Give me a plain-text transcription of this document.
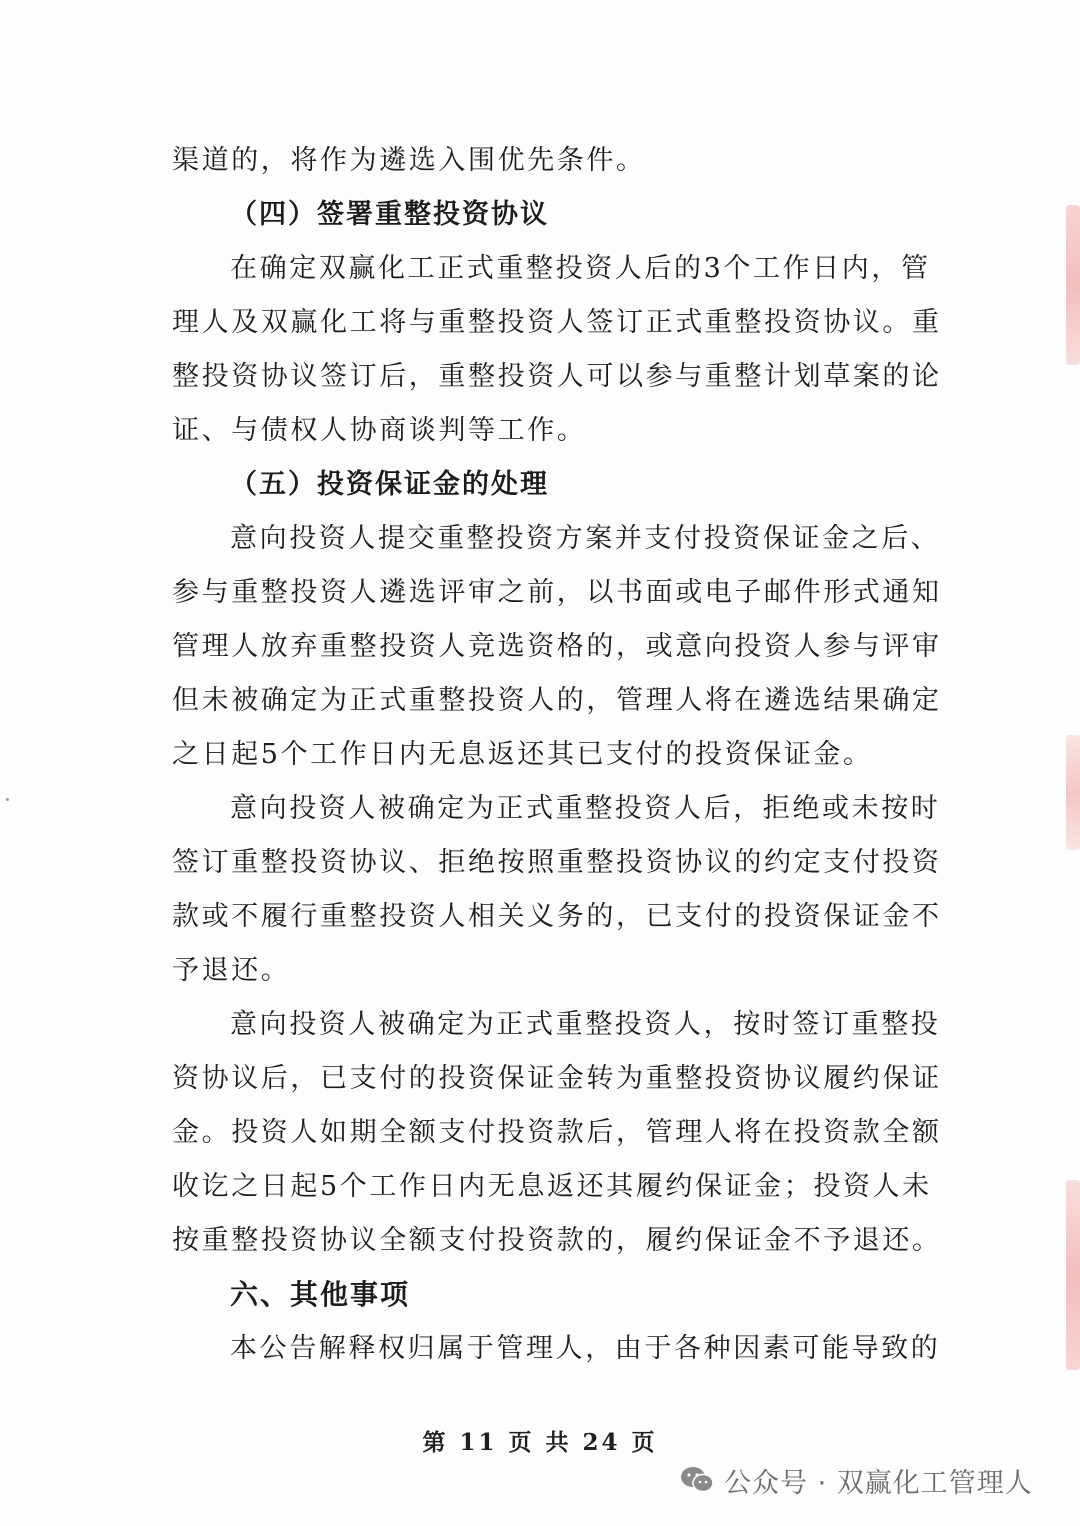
渠道的，将作为遴选入围优先条件。
（四）签署重整投资协议
在确定双赢化工正式重整投资人后的3个工作日内，管
理人及双赢化工将与重整投资人签订正式重整投资协议。重
整投资协议签订后，重整投资人可以参与重整计划草案的论
证、与债权人协商谈判等工作。
（五）投资保证金的处理
意向投资人提交重整投资方案并支付投资保证金之后、
参与重整投资人遴选评审之前，以书面或电子邮件形式通知
管理人放弃重整投资人竞选资格的，或意向投资人参与评审
但未被确定为正式重整投资人的，管理人将在遴选结果确定
之日起5个工作日内无息返还其已支付的投资保证金。
意向投资人被确定为正式重整投资人后，拒绝或未按时
签订重整投资协议、拒绝按照重整投资协议的约定支付投资
款或不履行重整投资人相关义务的，已支付的投资保证金不
予退还。
意向投资人被确定为正式重整投资人，按时签订重整投
资协议后，已支付的投资保证金转为重整投资协议履约保证
金。投资人如期全额支付投资款后，管理人将在投资款全额
收讫之日起5个工作日内无息返还其履约保证金；投资人未
按重整投资协议全额支付投资款的，履约保证金不予退还。
六、其他事项
本公告解释权归属于管理人，由于各种因素可能导致的
第 11 页 共 24 页
公众号 · 双赢化工管理人
